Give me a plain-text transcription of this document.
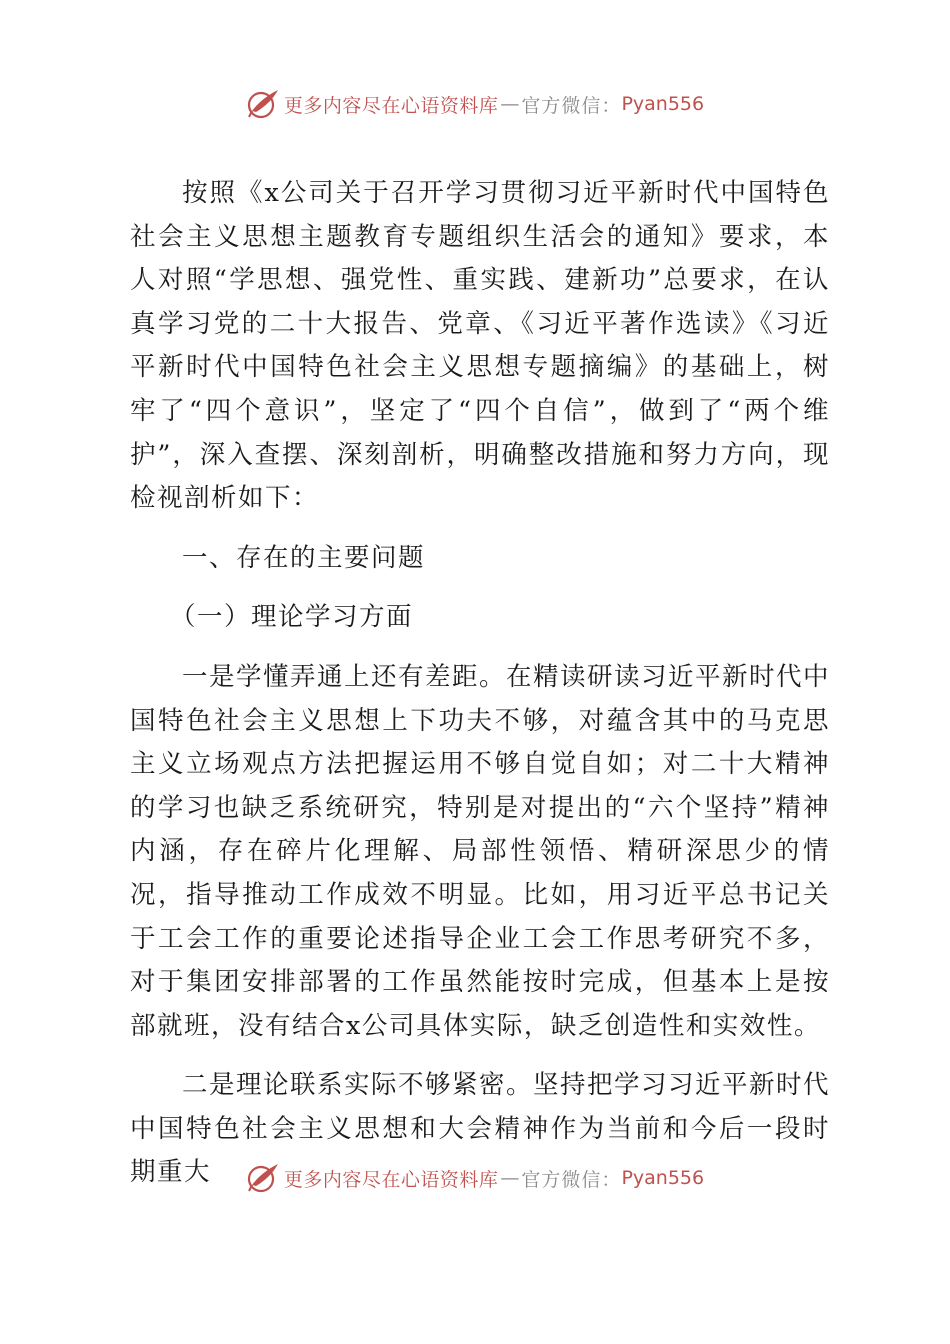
更多内容尽在心语资料库 — 官方微信： Pyan556

按照《x公司关于召开学习贯彻习近平新时代中国特色社会主义思想主题教育专题组织生活会的通知》要求，本人对照“学思想、强党性、重实践、建新功”总要求，在认真学习党的二十大报告、党章、《习近平著作选读》《习近平新时代中国特色社会主义思想专题摘编》的基础上，树牢了“四个意识”，坚定了“四个自信”，做到了“两个维护”，深入查摆、深刻剖析，明确整改措施和努力方向，现检视剖析如下：

一、存在的主要问题

（一）理论学习方面

一是学懂弄通上还有差距。在精读研读习近平新时代中国特色社会主义思想上下功夫不够，对蕴含其中的马克思主义立场观点方法把握运用不够自觉自如；对二十大精神的学习也缺乏系统研究，特别是对提出的“六个坚持”精神内涵，存在碎片化理解、局部性领悟、精研深思少的情况，指导推动工作成效不明显。比如，用习近平总书记关于工会工作的重要论述指导企业工会工作思考研究不多，对于集团安排部署的工作虽然能按时完成，但基本上是按部就班，没有结合x公司具体实际，缺乏创造性和实效性。

二是理论联系实际不够紧密。坚持把学习习近平新时代中国特色社会主义思想和大会精神作为当前和今后一段时期重大	更多内容尽在心语资料库 — 官方微信： Pyan556
